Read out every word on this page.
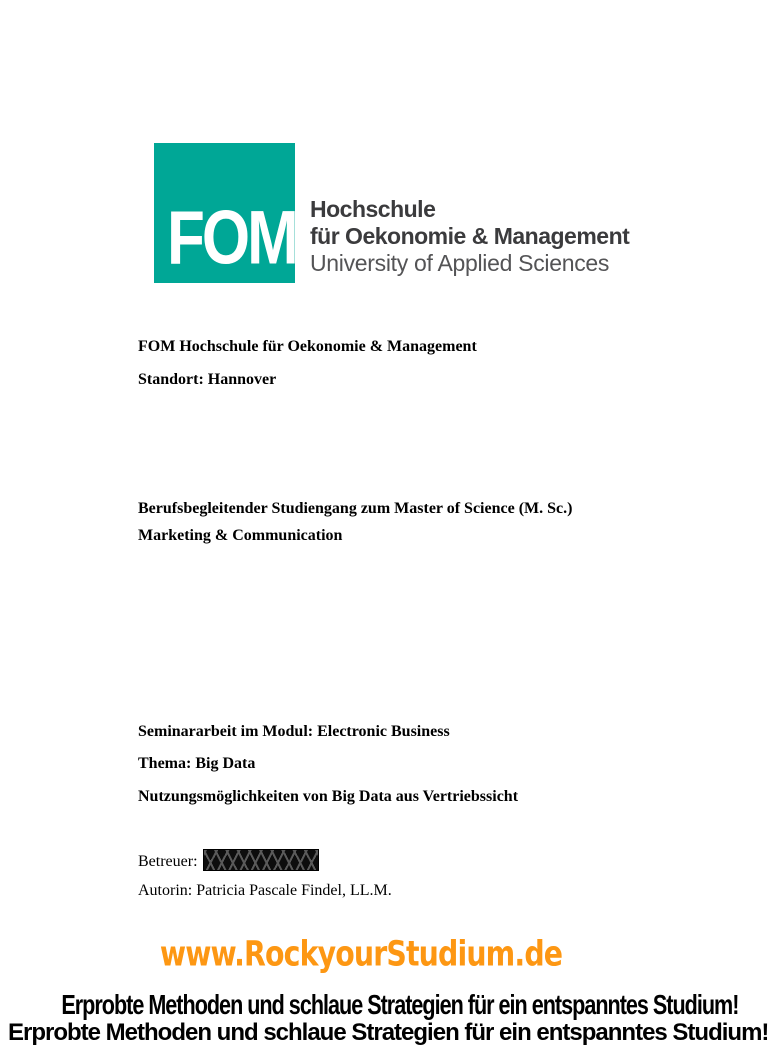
FOM Hochschule
für Oekonomie & Management
University of Applied Sciences
FOM Hochschule für Oekonomie & Management
Standort: Hannover
Berufsbegleitender Studiengang zum Master of Science (M. Sc.)
Marketing & Communication
Seminararbeit im Modul: Electronic Business
Thema: Big Data
Nutzungsmöglichkeiten von Big Data aus Vertriebssicht
Betreuer:
Autorin: Patricia Pascale Findel, LL.M.
www.RockyourStudium.de
Erprobte Methoden und schlaue Strategien für ein entspanntes Studium!
Erprobte Methoden und schlaue Strategien für ein entspanntes Studium!
